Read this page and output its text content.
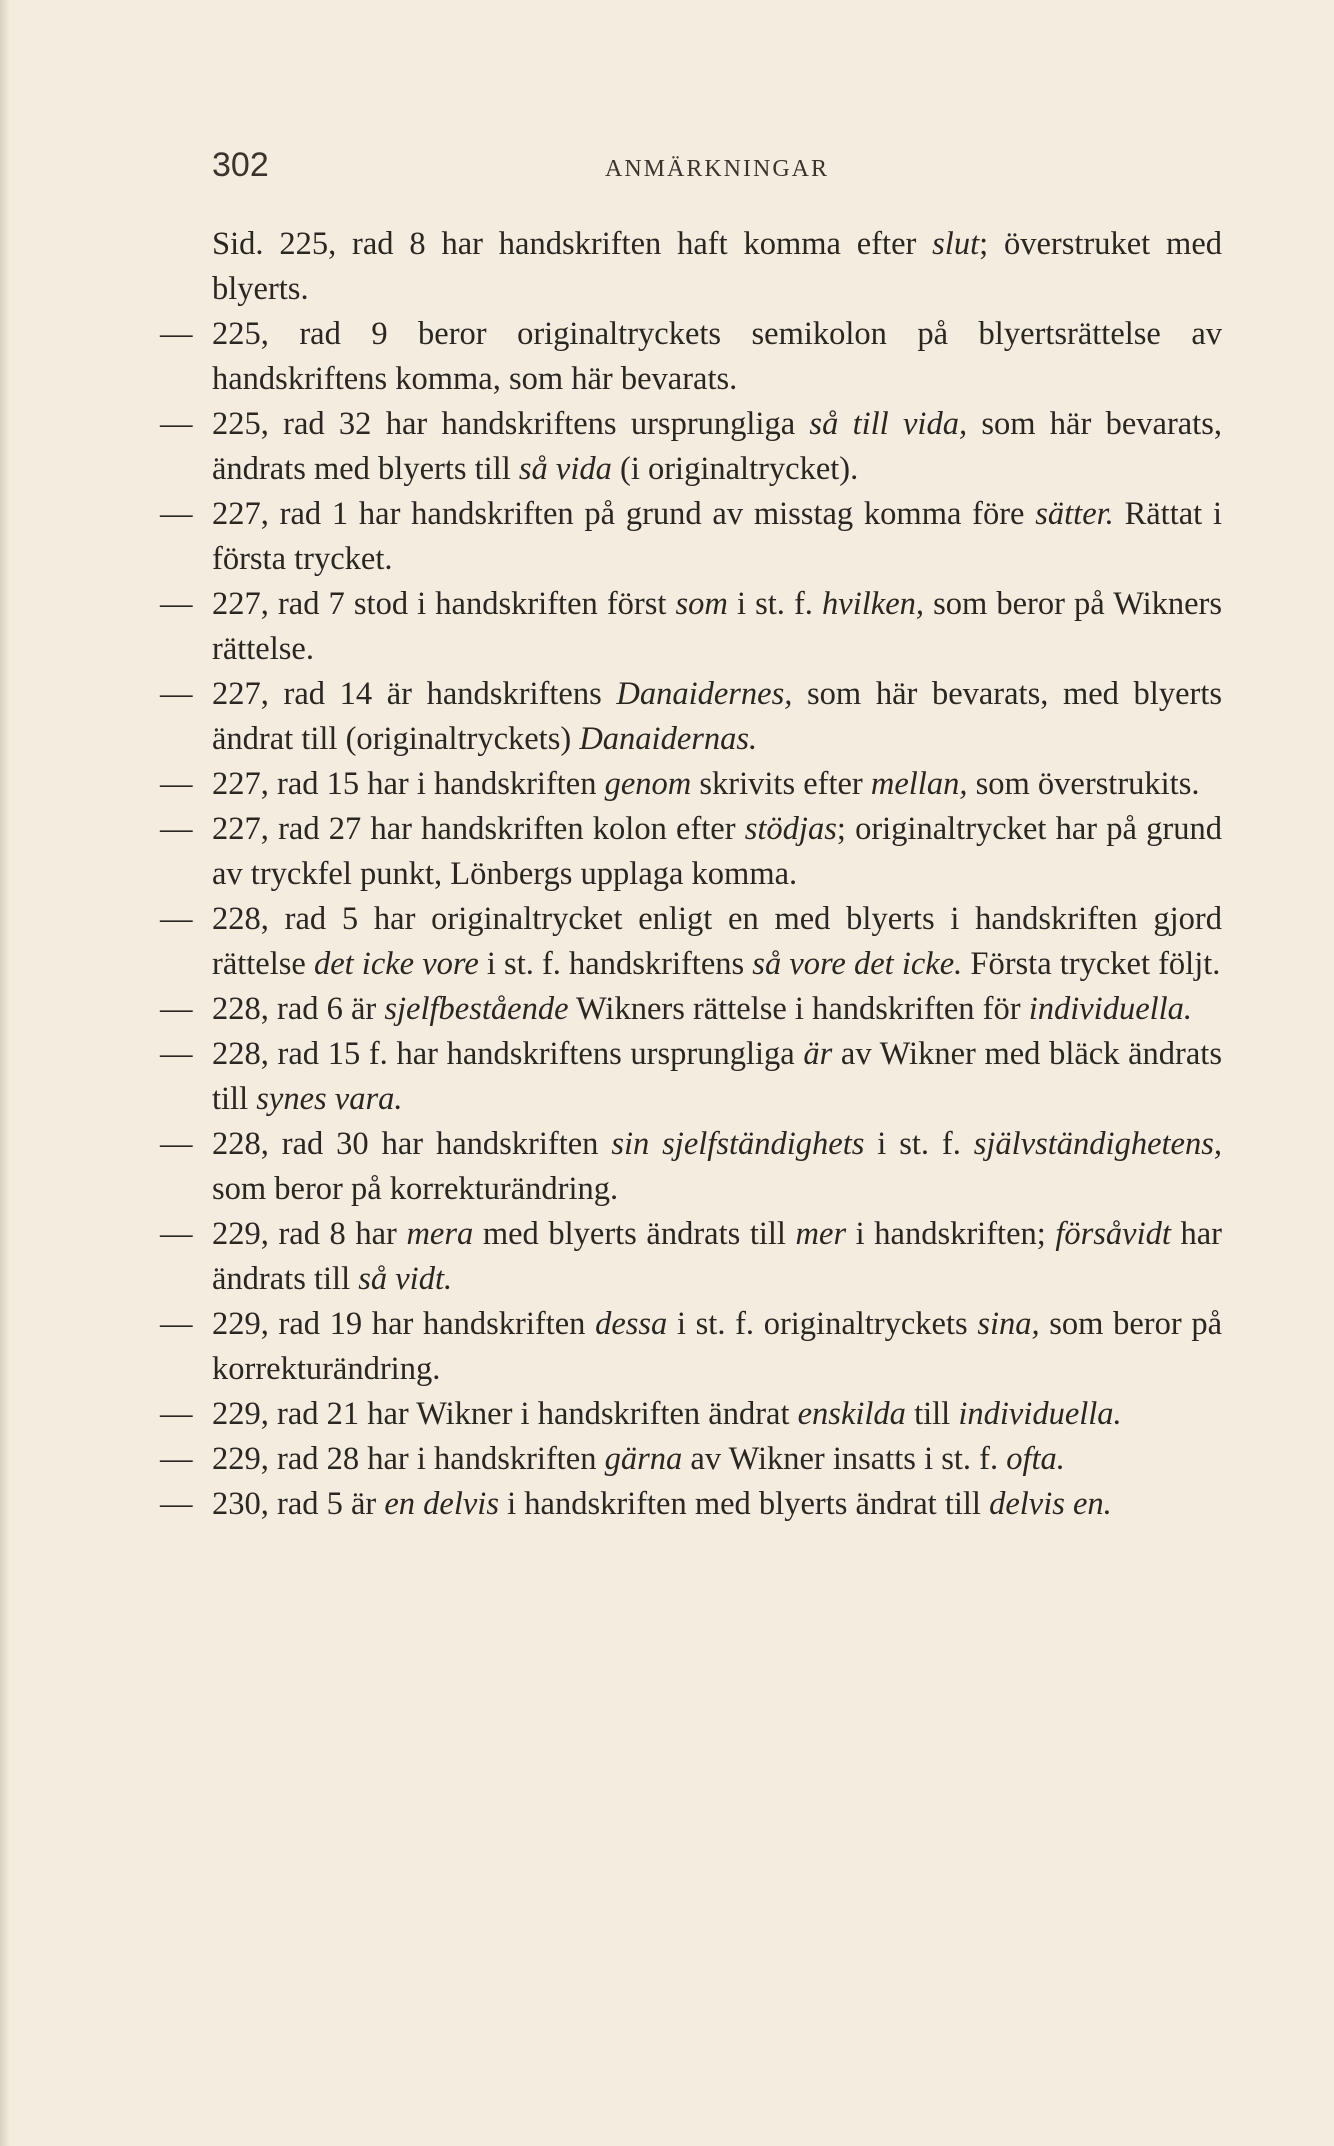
302	ANMÄRKNINGAR
Sid. 225, rad 8 har handskriften haft komma efter slut; överstruket med blyerts.
— 225, rad 9 beror originaltryckets semikolon på blyertsrättelse av handskriftens komma, som här bevarats.
— 225, rad 32 har handskriftens ursprungliga så till vida, som här bevarats, ändrats med blyerts till så vida (i originaltrycket).
— 227, rad 1 har handskriften på grund av misstag komma före sätter. Rättat i första trycket.
— 227, rad 7 stod i handskriften först som i st. f. hvilken, som beror på Wikners rättelse.
— 227, rad 14 är handskriftens Danaidernes, som här bevarats, med blyerts ändrat till (originaltryckets) Danaidernas.
— 227, rad 15 har i handskriften genom skrivits efter mellan, som överstrukits.
— 227, rad 27 har handskriften kolon efter stödjas; originaltrycket har på grund av tryckfel punkt, Lönbergs upplaga komma.
— 228, rad 5 har originaltrycket enligt en med blyerts i handskriften gjord rättelse det icke vore i st. f. handskriftens så vore det icke. Första trycket följt.
— 228, rad 6 är sjelfbestående Wikners rättelse i handskriften för individuella.
— 228, rad 15 f. har handskriftens ursprungliga är av Wikner med bläck ändrats till synes vara.
— 228, rad 30 har handskriften sin sjelfständighets i st. f. självständighetens, som beror på korrekturändring.
— 229, rad 8 har mera med blyerts ändrats till mer i handskriften; försåvidt har ändrats till så vidt.
— 229, rad 19 har handskriften dessa i st. f. originaltryckets sina, som beror på korrekturändring.
— 229, rad 21 har Wikner i handskriften ändrat enskilda till individuella.
— 229, rad 28 har i handskriften gärna av Wikner insatts i st. f. ofta.
— 230, rad 5 är en delvis i handskriften med blyerts ändrat till delvis en.
